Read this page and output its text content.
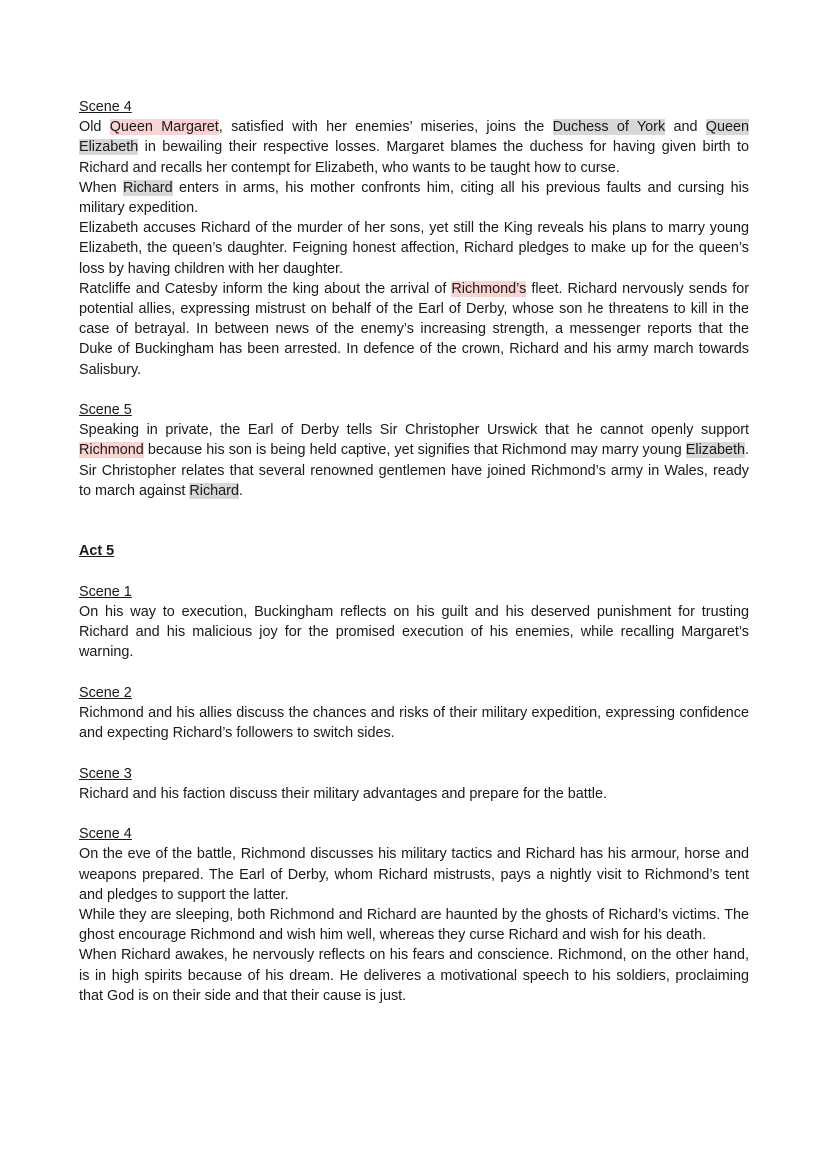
Scene 4
Old Queen Margaret, satisfied with her enemies’ miseries, joins the Duchess of York and Queen Elizabeth in bewailing their respective losses. Margaret blames the duchess for having given birth to Richard and recalls her contempt for Elizabeth, who wants to be taught how to curse.
When Richard enters in arms, his mother confronts him, citing all his previous faults and cursing his military expedition.
Elizabeth accuses Richard of the murder of her sons, yet still the King reveals his plans to marry young Elizabeth, the queen’s daughter. Feigning honest affection, Richard pledges to make up for the queen’s loss by having children with her daughter.
Ratcliffe and Catesby inform the king about the arrival of Richmond’s fleet. Richard nervously sends for potential allies, expressing mistrust on behalf of the Earl of Derby, whose son he threatens to kill in the case of betrayal. In between news of the enemy’s increasing strength, a messenger reports that the Duke of Buckingham has been arrested. In defence of the crown, Richard and his army march towards Salisbury.
Scene 5
Speaking in private, the Earl of Derby tells Sir Christopher Urswick that he cannot openly support Richmond because his son is being held captive, yet signifies that Richmond may marry young Elizabeth. Sir Christopher relates that several renowned gentlemen have joined Richmond’s army in Wales, ready to march against Richard.
Act 5
Scene 1
On his way to execution, Buckingham reflects on his guilt and his deserved punishment for trusting Richard and his malicious joy for the promised execution of his enemies, while recalling Margaret’s warning.
Scene 2
Richmond and his allies discuss the chances and risks of their military expedition, expressing confidence and expecting Richard’s followers to switch sides.
Scene 3
Richard and his faction discuss their military advantages and prepare for the battle.
Scene 4
On the eve of the battle, Richmond discusses his military tactics and Richard has his armour, horse and weapons prepared. The Earl of Derby, whom Richard mistrusts, pays a nightly visit to Richmond’s tent and pledges to support the latter.
While they are sleeping, both Richmond and Richard are haunted by the ghosts of Richard’s victims. The ghost encourage Richmond and wish him well, whereas they curse Richard and wish for his death.
When Richard awakes, he nervously reflects on his fears and conscience. Richmond, on the other hand, is in high spirits because of his dream. He deliveres a motivational speech to his soldiers, proclaiming that God is on their side and that their cause is just.
